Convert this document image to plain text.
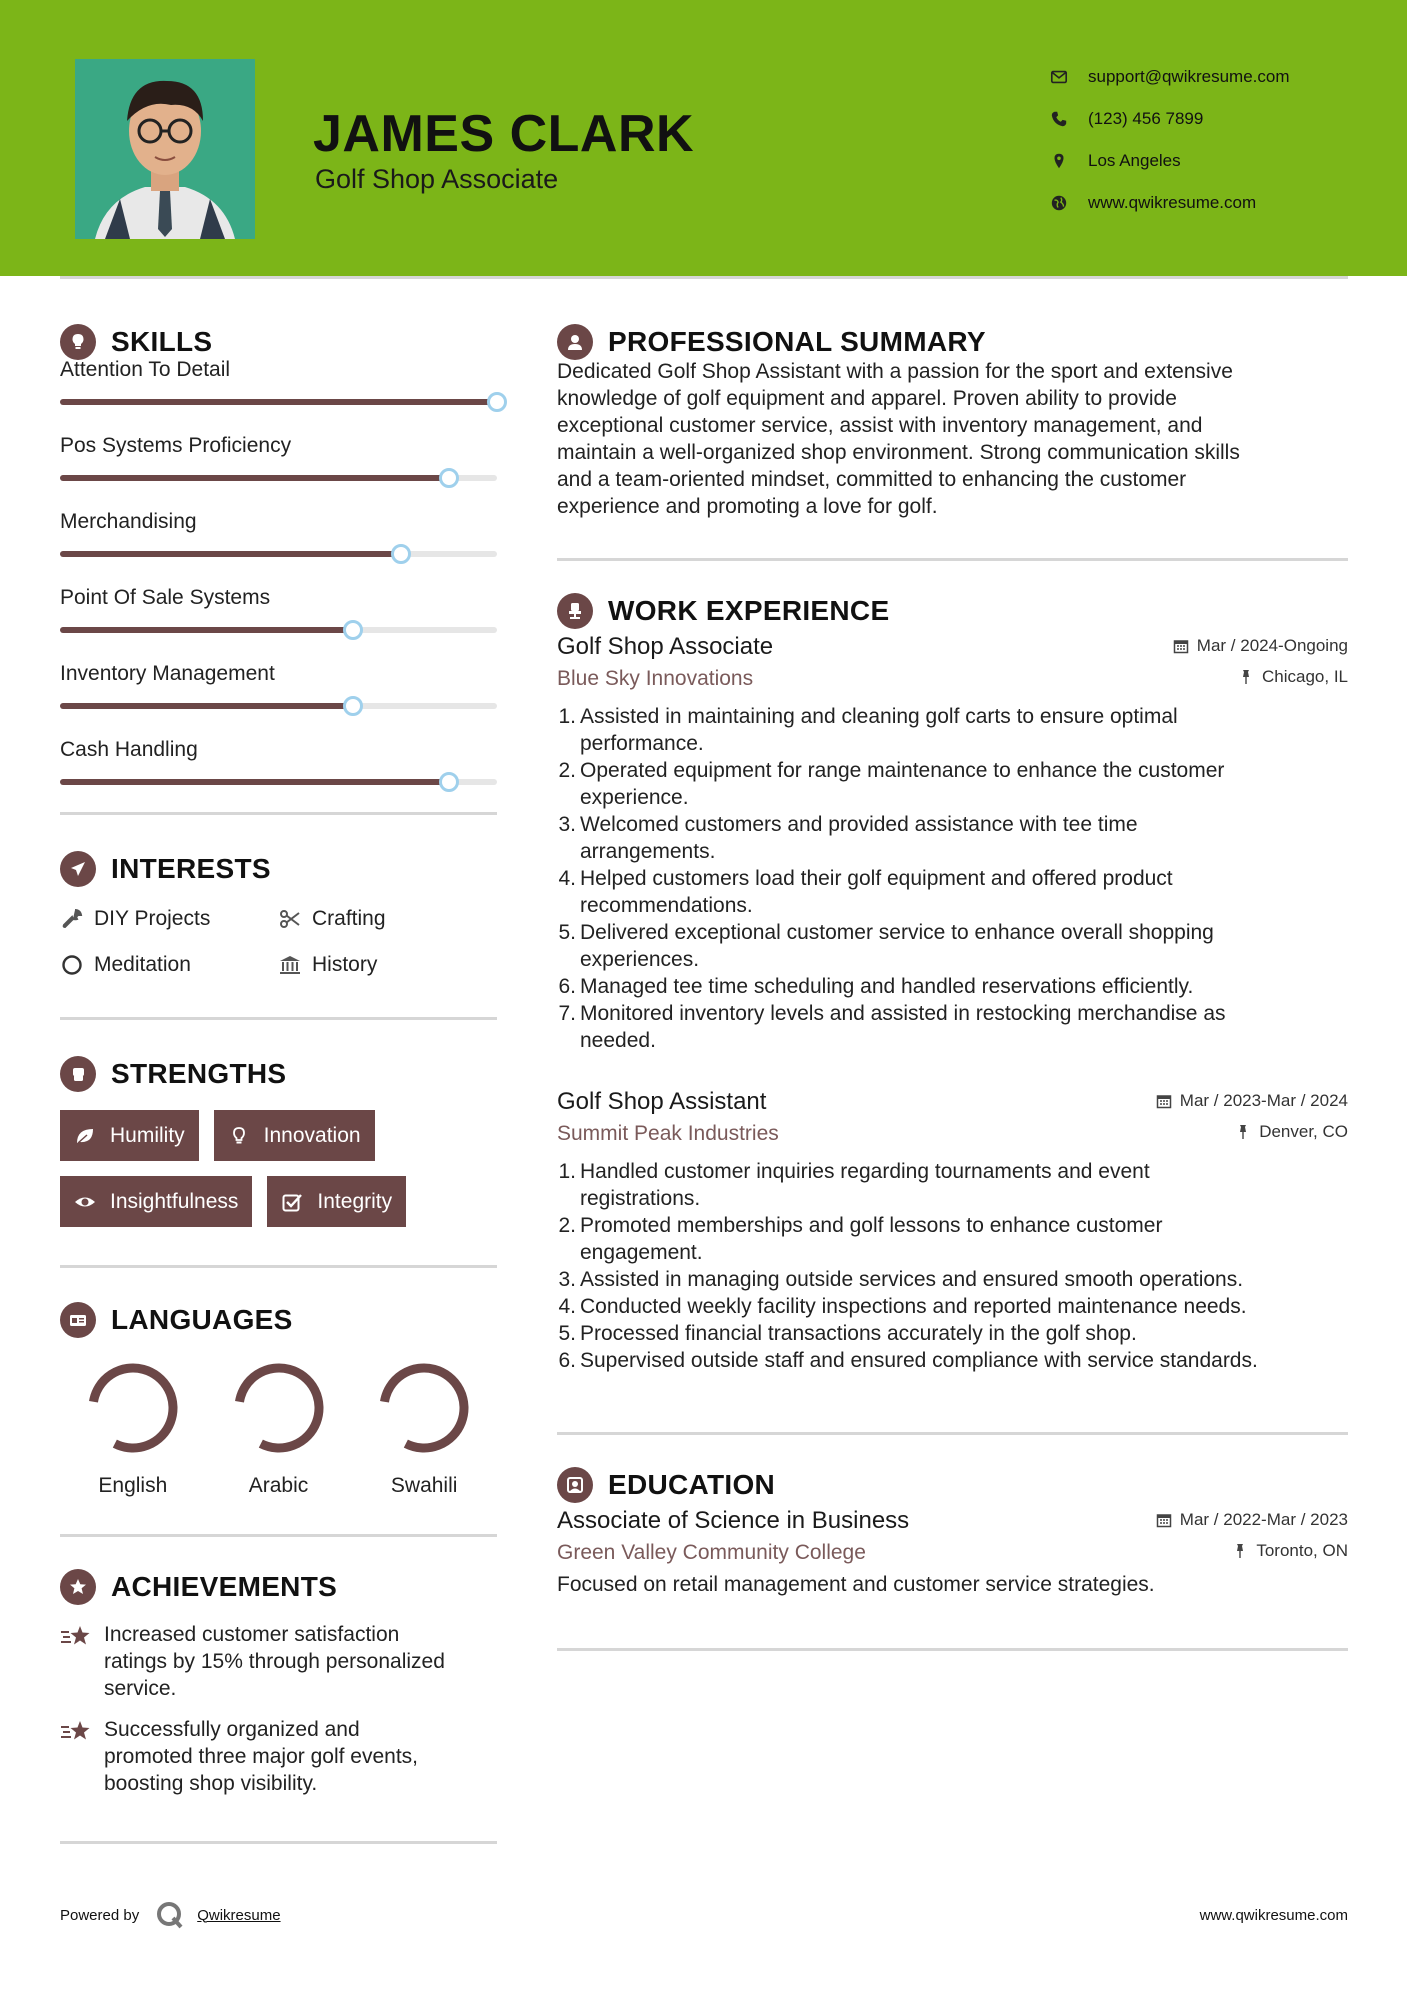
JAMES CLARK
Golf Shop Associate
support@qwikresume.com
(123) 456 7899
Los Angeles
www.qwikresume.com
SKILLS
Attention To Detail
Pos Systems Proficiency
Merchandising
Point Of Sale Systems
Inventory Management
Cash Handling
INTERESTS
DIY Projects	Crafting
Meditation	History
STRENGTHS
Humility	Innovation
Insightfulness	Integrity
LANGUAGES
English	Arabic	Swahili
ACHIEVEMENTS
Increased customer satisfaction
ratings by 15% through personalized
service.
Successfully organized and
promoted three major golf events,
boosting shop visibility.
PROFESSIONAL SUMMARY
Dedicated Golf Shop Assistant with a passion for the sport and extensive
knowledge of golf equipment and apparel. Proven ability to provide
exceptional customer service, assist with inventory management, and
maintain a well-organized shop environment. Strong communication skills
and a team-oriented mindset, committed to enhancing the customer
experience and promoting a love for golf.
WORK EXPERIENCE
Golf Shop Associate	Mar / 2024-Ongoing
Blue Sky Innovations	Chicago, IL
1. Assisted in maintaining and cleaning golf carts to ensure optimal
performance.
2. Operated equipment for range maintenance to enhance the customer
experience.
3. Welcomed customers and provided assistance with tee time
arrangements.
4. Helped customers load their golf equipment and offered product
recommendations.
5. Delivered exceptional customer service to enhance overall shopping
experiences.
6. Managed tee time scheduling and handled reservations efficiently.
7. Monitored inventory levels and assisted in restocking merchandise as
needed.
Golf Shop Assistant	Mar / 2023-Mar / 2024
Summit Peak Industries	Denver, CO
1. Handled customer inquiries regarding tournaments and event
registrations.
2. Promoted memberships and golf lessons to enhance customer
engagement.
3. Assisted in managing outside services and ensured smooth operations.
4. Conducted weekly facility inspections and reported maintenance needs.
5. Processed financial transactions accurately in the golf shop.
6. Supervised outside staff and ensured compliance with service standards.
EDUCATION
Associate of Science in Business	Mar / 2022-Mar / 2023
Green Valley Community College	Toronto, ON
Focused on retail management and customer service strategies.
Powered by	Qwikresume	www.qwikresume.com
